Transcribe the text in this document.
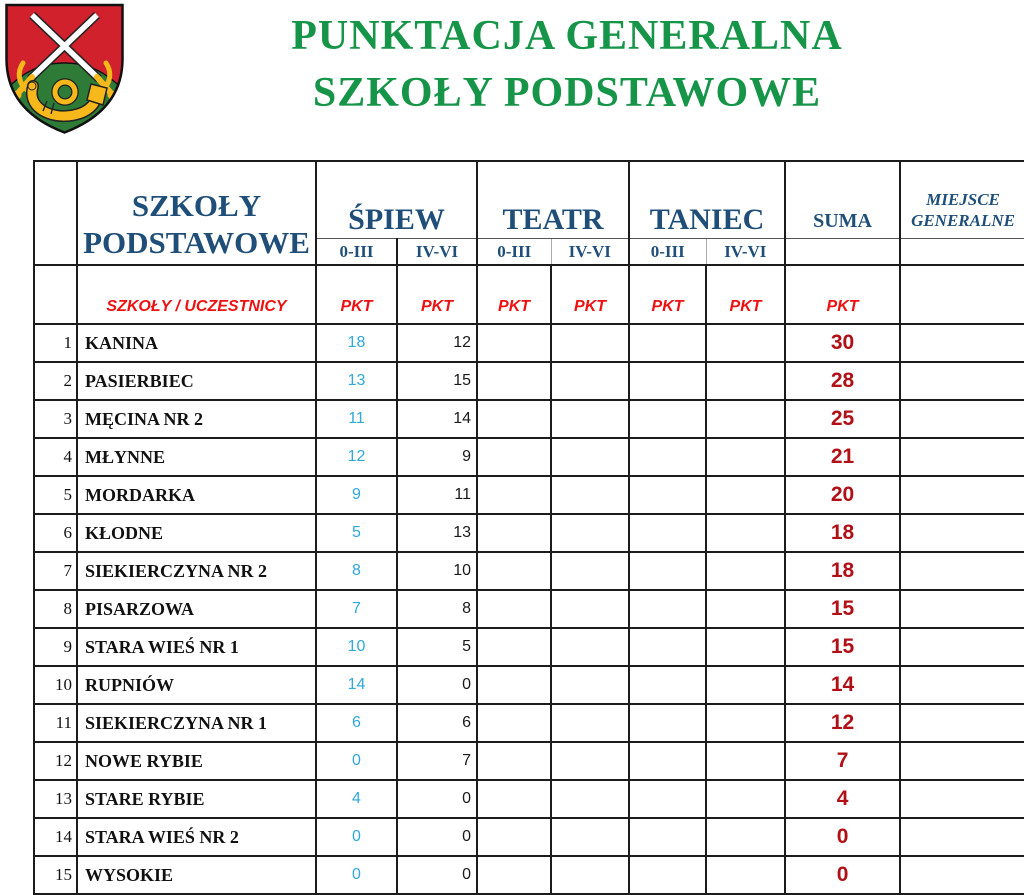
PUNKTACJA GENERALNA
SZKOŁY PODSTAWOWE
	SZKOŁY PODSTAWOWE	ŚPIEW		TEATR		TANIEC		SUMA	MIEJSCE GENERALNE
		0-III	IV-VI	0-III	IV-VI	0-III	IV-VI		
	SZKOŁY / UCZESTNICY	PKT	PKT	PKT	PKT	PKT	PKT	PKT	
1	KANINA	18	12					30	
2	PASIERBIEC	13	15					28	
3	MĘCINA NR 2	11	14					25	
4	MŁYNNE	12	9					21	
5	MORDARKA	9	11					20	
6	KŁODNE	5	13					18	
7	SIEKIERCZYNA NR 2	8	10					18	
8	PISARZOWA	7	8					15	
9	STARA WIEŚ NR 1	10	5					15	
10	RUPNIÓW	14	0					14	
11	SIEKIERCZYNA NR 1	6	6					12	
12	NOWE RYBIE	0	7					7	
13	STARE RYBIE	4	0					4	
14	STARA WIEŚ NR 2	0	0					0	
15	WYSOKIE	0	0					0	
